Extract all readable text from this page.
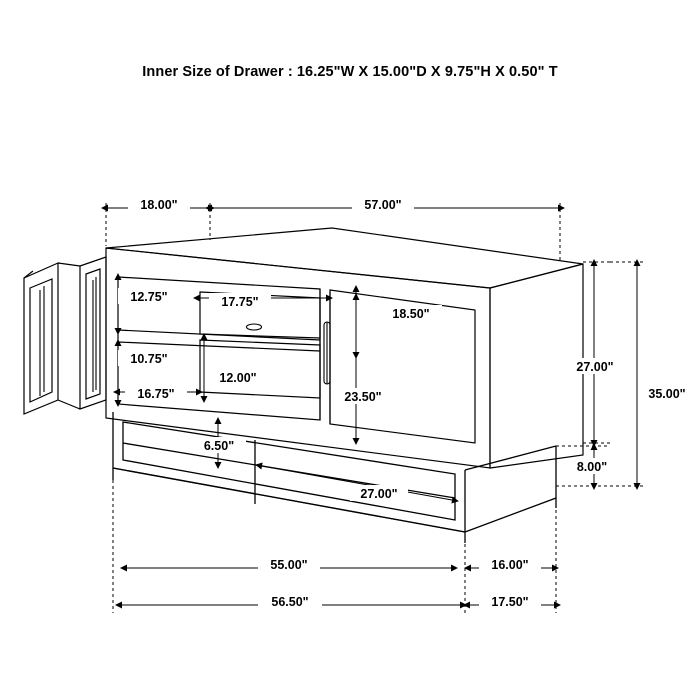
Inner Size of Drawer : 16.25"W X 15.00"D X 9.75"H X 0.50" T
18.00"	57.00"
12.75"
10.75"
16.75"
17.75"
12.00"
18.50"
23.50"
6.50"
27.00"
27.00"
8.00"
35.00"
55.00"	16.00"
56.50"	17.50"
